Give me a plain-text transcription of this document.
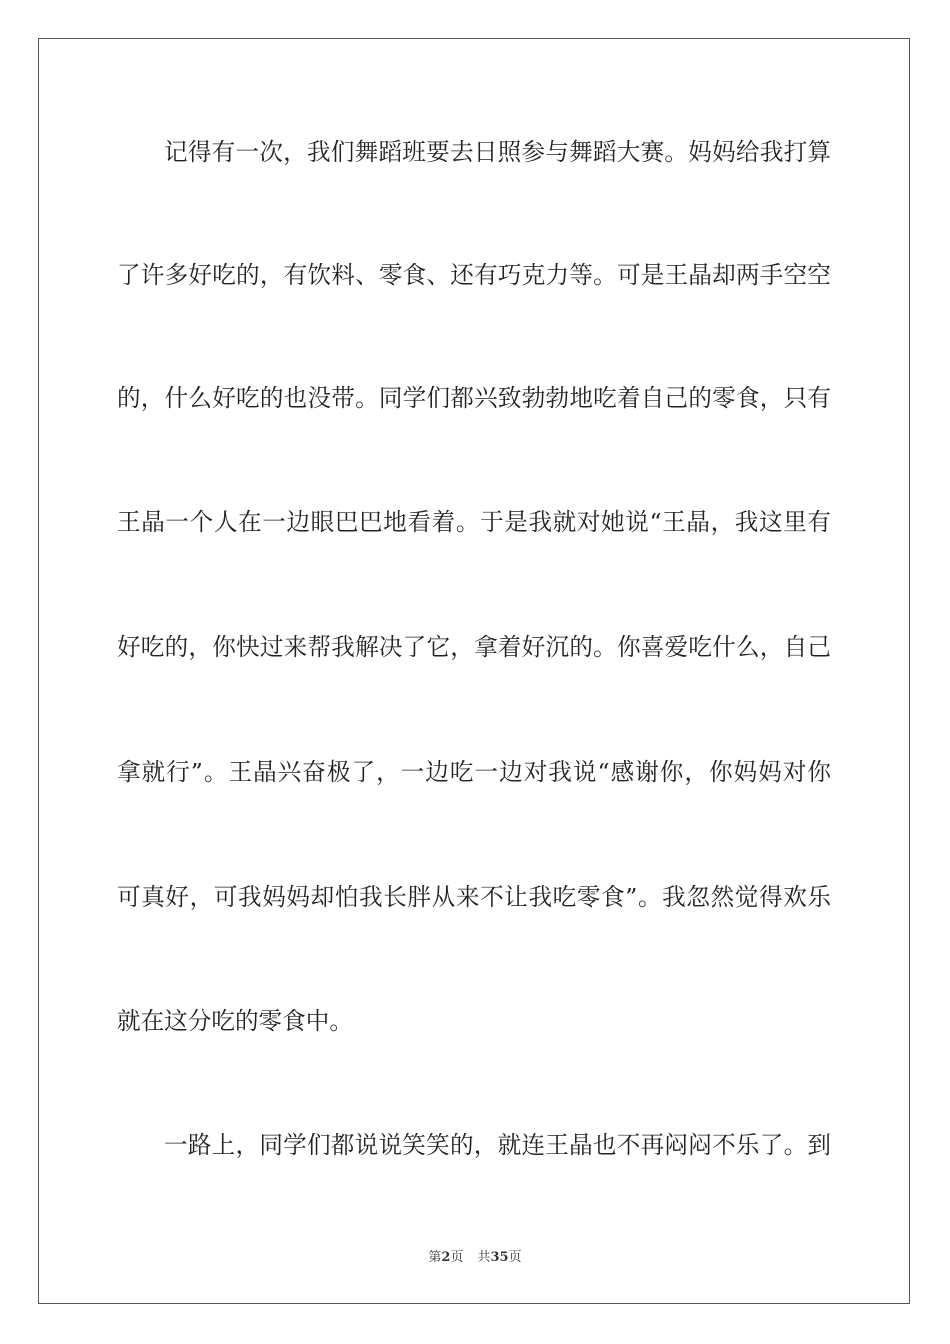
记得有一次，我们舞蹈班要去日照参与舞蹈大赛。妈妈给我打算
了许多好吃的，有饮料、零食、还有巧克力等。可是王晶却两手空空
的，什么好吃的也没带。同学们都兴致勃勃地吃着自己的零食，只有
王晶一个人在一边眼巴巴地看着。于是我就对她说“王晶，我这里有
好吃的，你快过来帮我解决了它，拿着好沉的。你喜爱吃什么，自己
拿就行”。王晶兴奋极了，一边吃一边对我说“感谢你，你妈妈对你
可真好，可我妈妈却怕我长胖从来不让我吃零食”。我忽然觉得欢乐
就在这分吃的零食中。
一路上，同学们都说说笑笑的，就连王晶也不再闷闷不乐了。到
第2页 共35页
